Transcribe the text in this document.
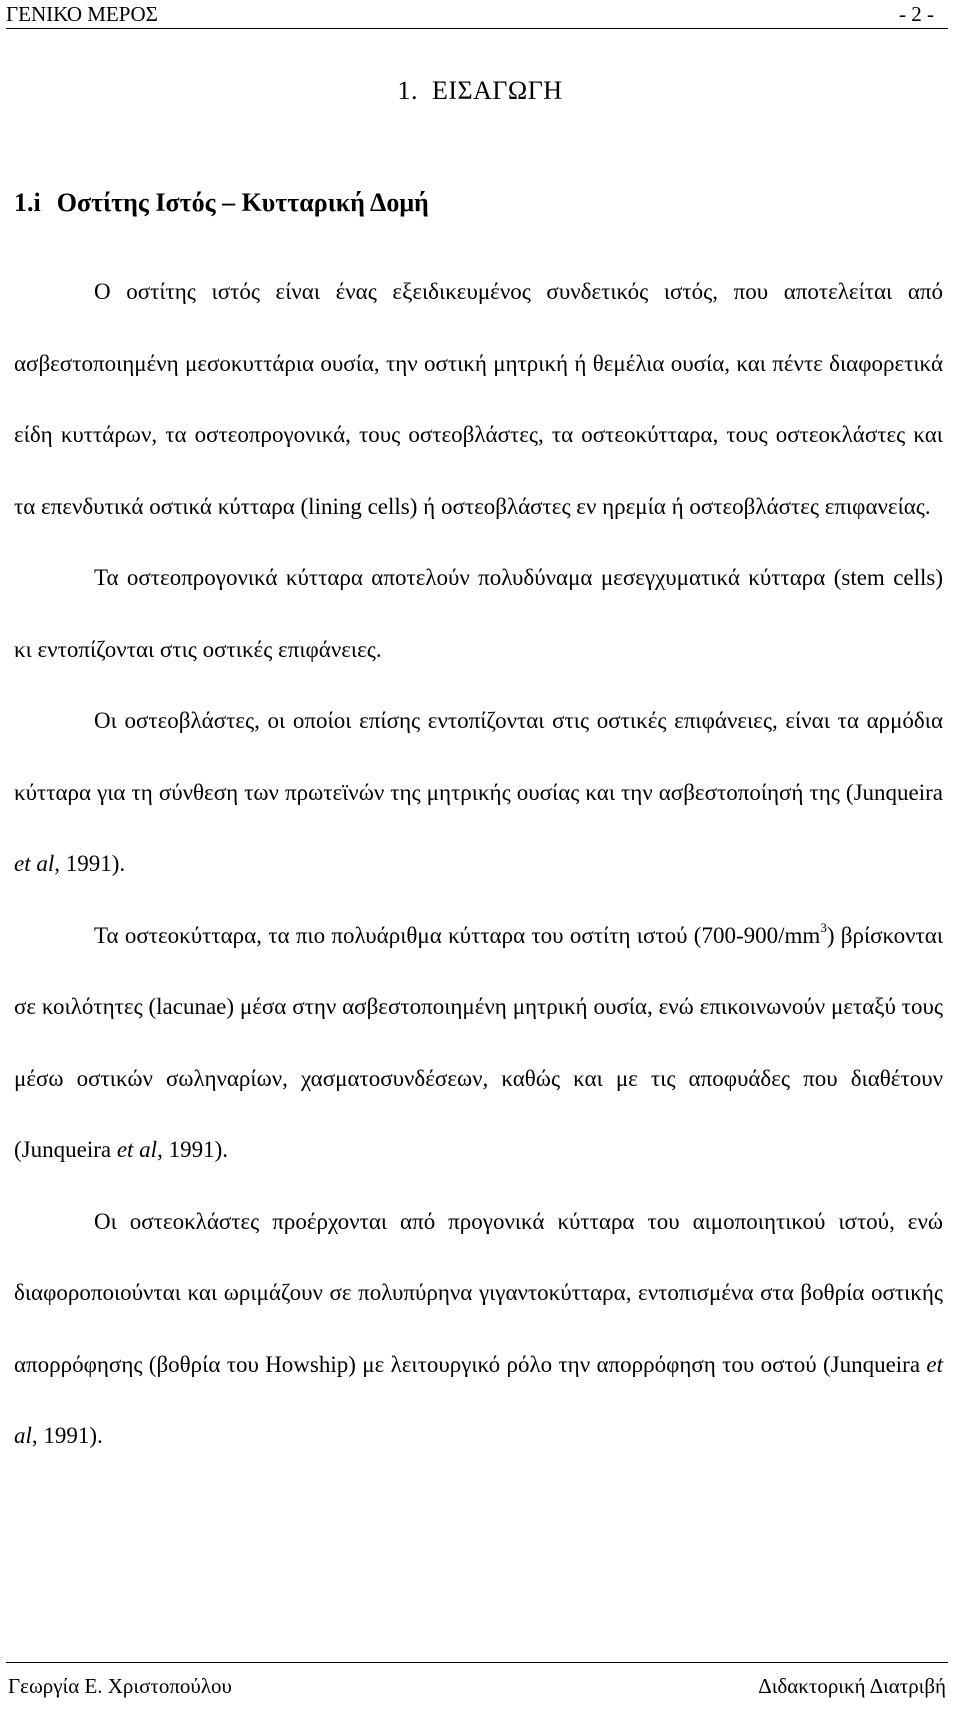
ΓΕΝΙΚΟ ΜΕΡΟΣ	- 2 -
1. ΕΙΣΑΓΩΓΗ
1.i Οστίτης Ιστός – Κυτταρική Δομή

Ο οστίτης ιστός είναι ένας εξειδικευμένος συνδετικός ιστός, που αποτελείται από ασβεστοποιημένη μεσοκυττάρια ουσία, την οστική μητρική ή θεμέλια ουσία, και πέντε διαφορετικά είδη κυττάρων, τα οστεοπρογονικά, τους οστεοβλάστες, τα οστεοκύτταρα, τους οστεοκλάστες και τα επενδυτικά οστικά κύτταρα (lining cells) ή οστεοβλάστες εν ηρεμία ή οστεοβλάστες επιφανείας.

Τα οστεοπρογονικά κύτταρα αποτελούν πολυδύναμα μεσεγχυματικά κύτταρα (stem cells) κι εντοπίζονται στις οστικές επιφάνειες.

Οι οστεοβλάστες, οι οποίοι επίσης εντοπίζονται στις οστικές επιφάνειες, είναι τα αρμόδια κύτταρα για τη σύνθεση των πρωτεϊνών της μητρικής ουσίας και την ασβεστοποίησή της (Junqueira et al, 1991).

Τα οστεοκύτταρα, τα πιο πολυάριθμα κύτταρα του οστίτη ιστού $(700-900/mm^3)$ βρίσκονται σε κοιλότητες (lacunae) μέσα στην ασβεστοποιημένη μητρική ουσία, ενώ επικοινωνούν μεταξύ τους μέσω οστικών σωληναρίων, χασματοσυνδέσεων, καθώς και με τις αποφυάδες που διαθέτουν (Junqueira et al, 1991).

Οι οστεοκλάστες προέρχονται από προγονικά κύτταρα του αιμοποιητικού ιστού, ενώ διαφοροποιούνται και ωριμάζουν σε πολυπύρηνα γιγαντοκύτταρα, εντοπισμένα στα βοθρία οστικής απορρόφησης (βοθρία του Howship) με λειτουργικό ρόλο την απορρόφηση του οστού (Junqueira et al, 1991).

Γεωργία Ε. Χριστοπούλου	Διδακτορική Διατριβή
